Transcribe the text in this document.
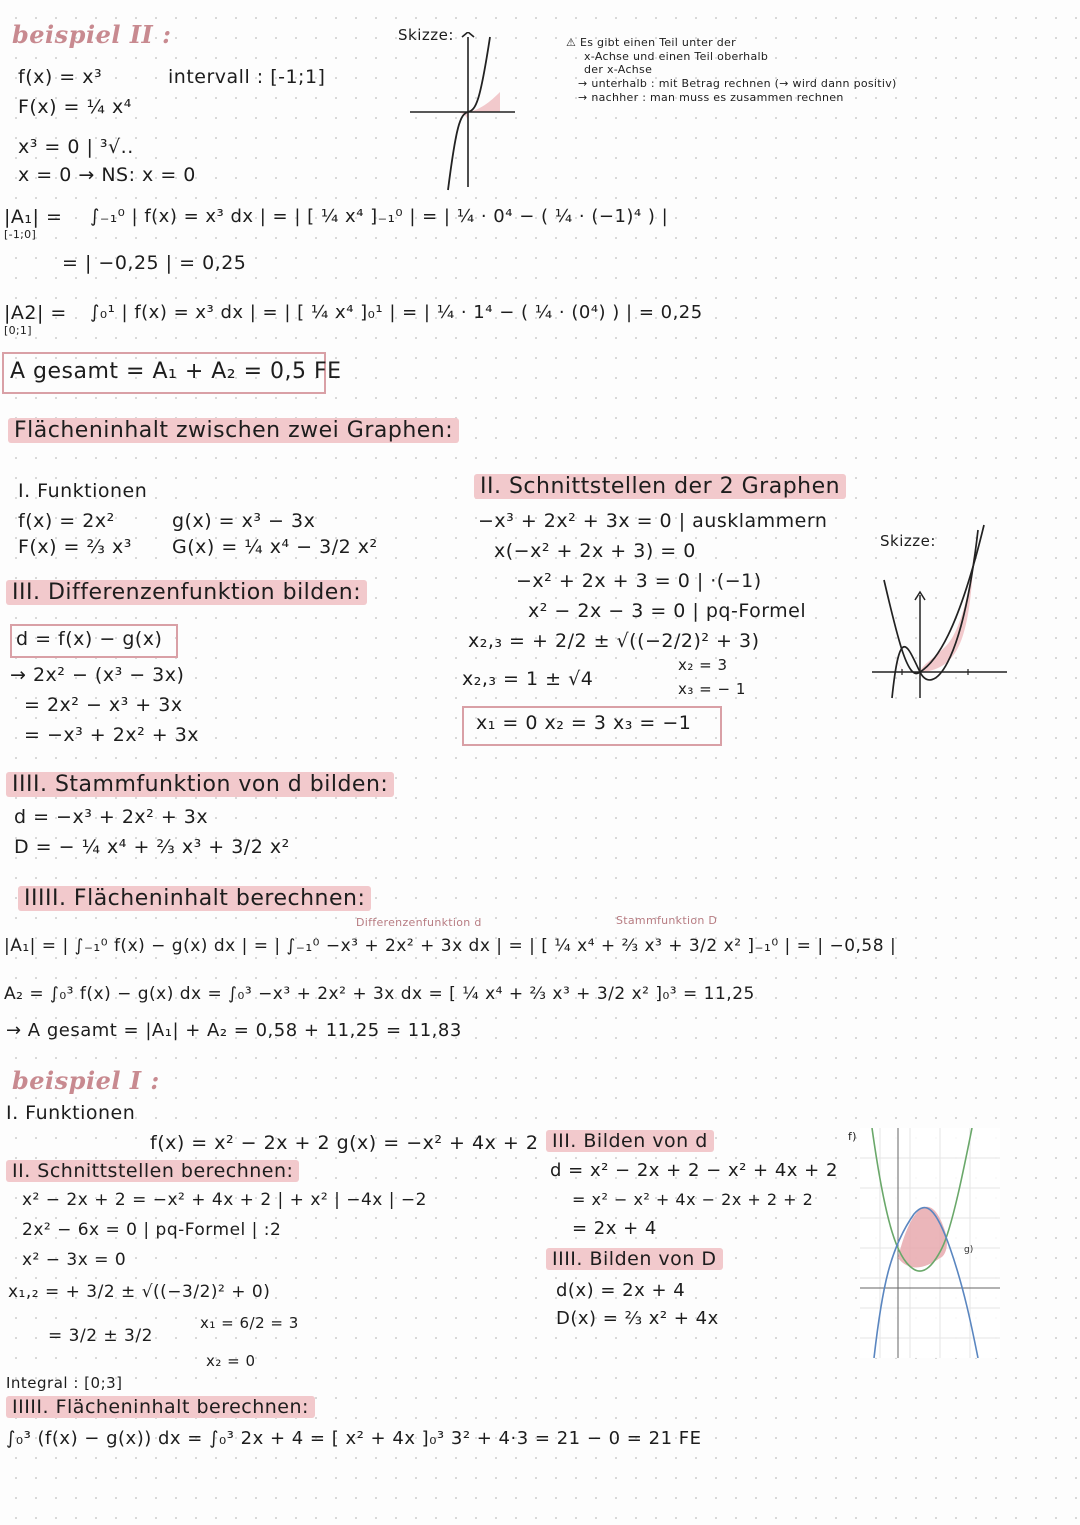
beispiel II :
f(x) = x³	intervall : [-1;1]
F(x) = ¼ x⁴
x³ = 0 | ³√..
x = 0 → NS: x = 0
Skizze:	⚠ Es gibt einen Teil unter der
x-Achse und einen Teil oberhalb
der x-Achse
→ unterhalb : mit Betrag rechnen (→ wird dann positiv)
→ nachher : man muss es zusammen rechnen
|A₁| =
[-1;0]
∫₋₁⁰ | f(x) = x³ dx | = | [ ¼ x⁴ ]₋₁⁰ | = | ¼ · 0⁴ − ( ¼ · (−1)⁴ ) |
= | −0,25 | = 0,25
|A2| =
[0;1]
∫₀¹ | f(x) = x³ dx | = | [ ¼ x⁴ ]₀¹ | = | ¼ · 1⁴ − ( ¼ · (0⁴) ) | = 0,25
A gesamt = A₁ + A₂ = 0,5 FE
Flächeninhalt zwischen zwei Graphen:
I. Funktionen
f(x) = 2x²
F(x) = ⅔ x³
g(x) = x³ − 3x
G(x) = ¼ x⁴ − 3/2 x²
III. Differenzenfunktion bilden:
d = f(x) − g(x)
→ 2x² − (x³ − 3x)
= 2x² − x³ + 3x
= −x³ + 2x² + 3x
II. Schnittstellen der 2 Graphen
−x³ + 2x² + 3x = 0 | ausklammern
x(−x² + 2x + 3) = 0
−x² + 2x + 3 = 0 | ·(−1)
x² − 2x − 3 = 0 | pq-Formel
x₂,₃ = + 2/2 ± √((−2/2)² + 3)
x₂,₃ = 1 ± √4
x₂ = 3
x₃ = − 1
x₁ = 0 x₂ = 3 x₃ = −1
Skizze:
IIII. Stammfunktion von d bilden:
d = −x³ + 2x² + 3x
D = − ¼ x⁴ + ⅔ x³ + 3/2 x²
IIIII. Flächeninhalt berechnen:
Differenzenfunktion d	Stammfunktion D
|A₁| = | ∫₋₁⁰ f(x) − g(x) dx | = | ∫₋₁⁰ −x³ + 2x² + 3x dx | = | [ ¼ x⁴ + ⅔ x³ + 3/2 x² ]₋₁⁰ | = | −0,58 |
A₂ = ∫₀³ f(x) − g(x) dx = ∫₀³ −x³ + 2x² + 3x dx = [ ¼ x⁴ + ⅔ x³ + 3/2 x² ]₀³ = 11,25
→ A gesamt = |A₁| + A₂ = 0,58 + 11,25 = 11,83
beispiel I :
I. Funktionen
f(x) = x² − 2x + 2 g(x) = −x² + 4x + 2
II. Schnittstellen berechnen:
x² − 2x + 2 = −x² + 4x + 2 | + x² | −4x | −2
2x² − 6x = 0 | pq-Formel | :2
x² − 3x = 0
x₁,₂ = + 3/2 ± √((−3/2)² + 0)
= 3/2 ± 3/2
x₁ = 6/2 = 3
x₂ = 0
Integral : [0;3]
IIIII. Flächeninhalt berechnen:
∫₀³ (f(x) − g(x)) dx = ∫₀³ 2x + 4 = [ x² + 4x ]₀³ 3² + 4·3 = 21 − 0 = 21 FE
III. Bilden von d
d = x² − 2x + 2 − x² + 4x + 2
= x² − x² + 4x − 2x + 2 + 2
= 2x + 4
IIII. Bilden von D
d(x) = 2x + 4
D(x) = ⅔ x² + 4x
g)
f)
